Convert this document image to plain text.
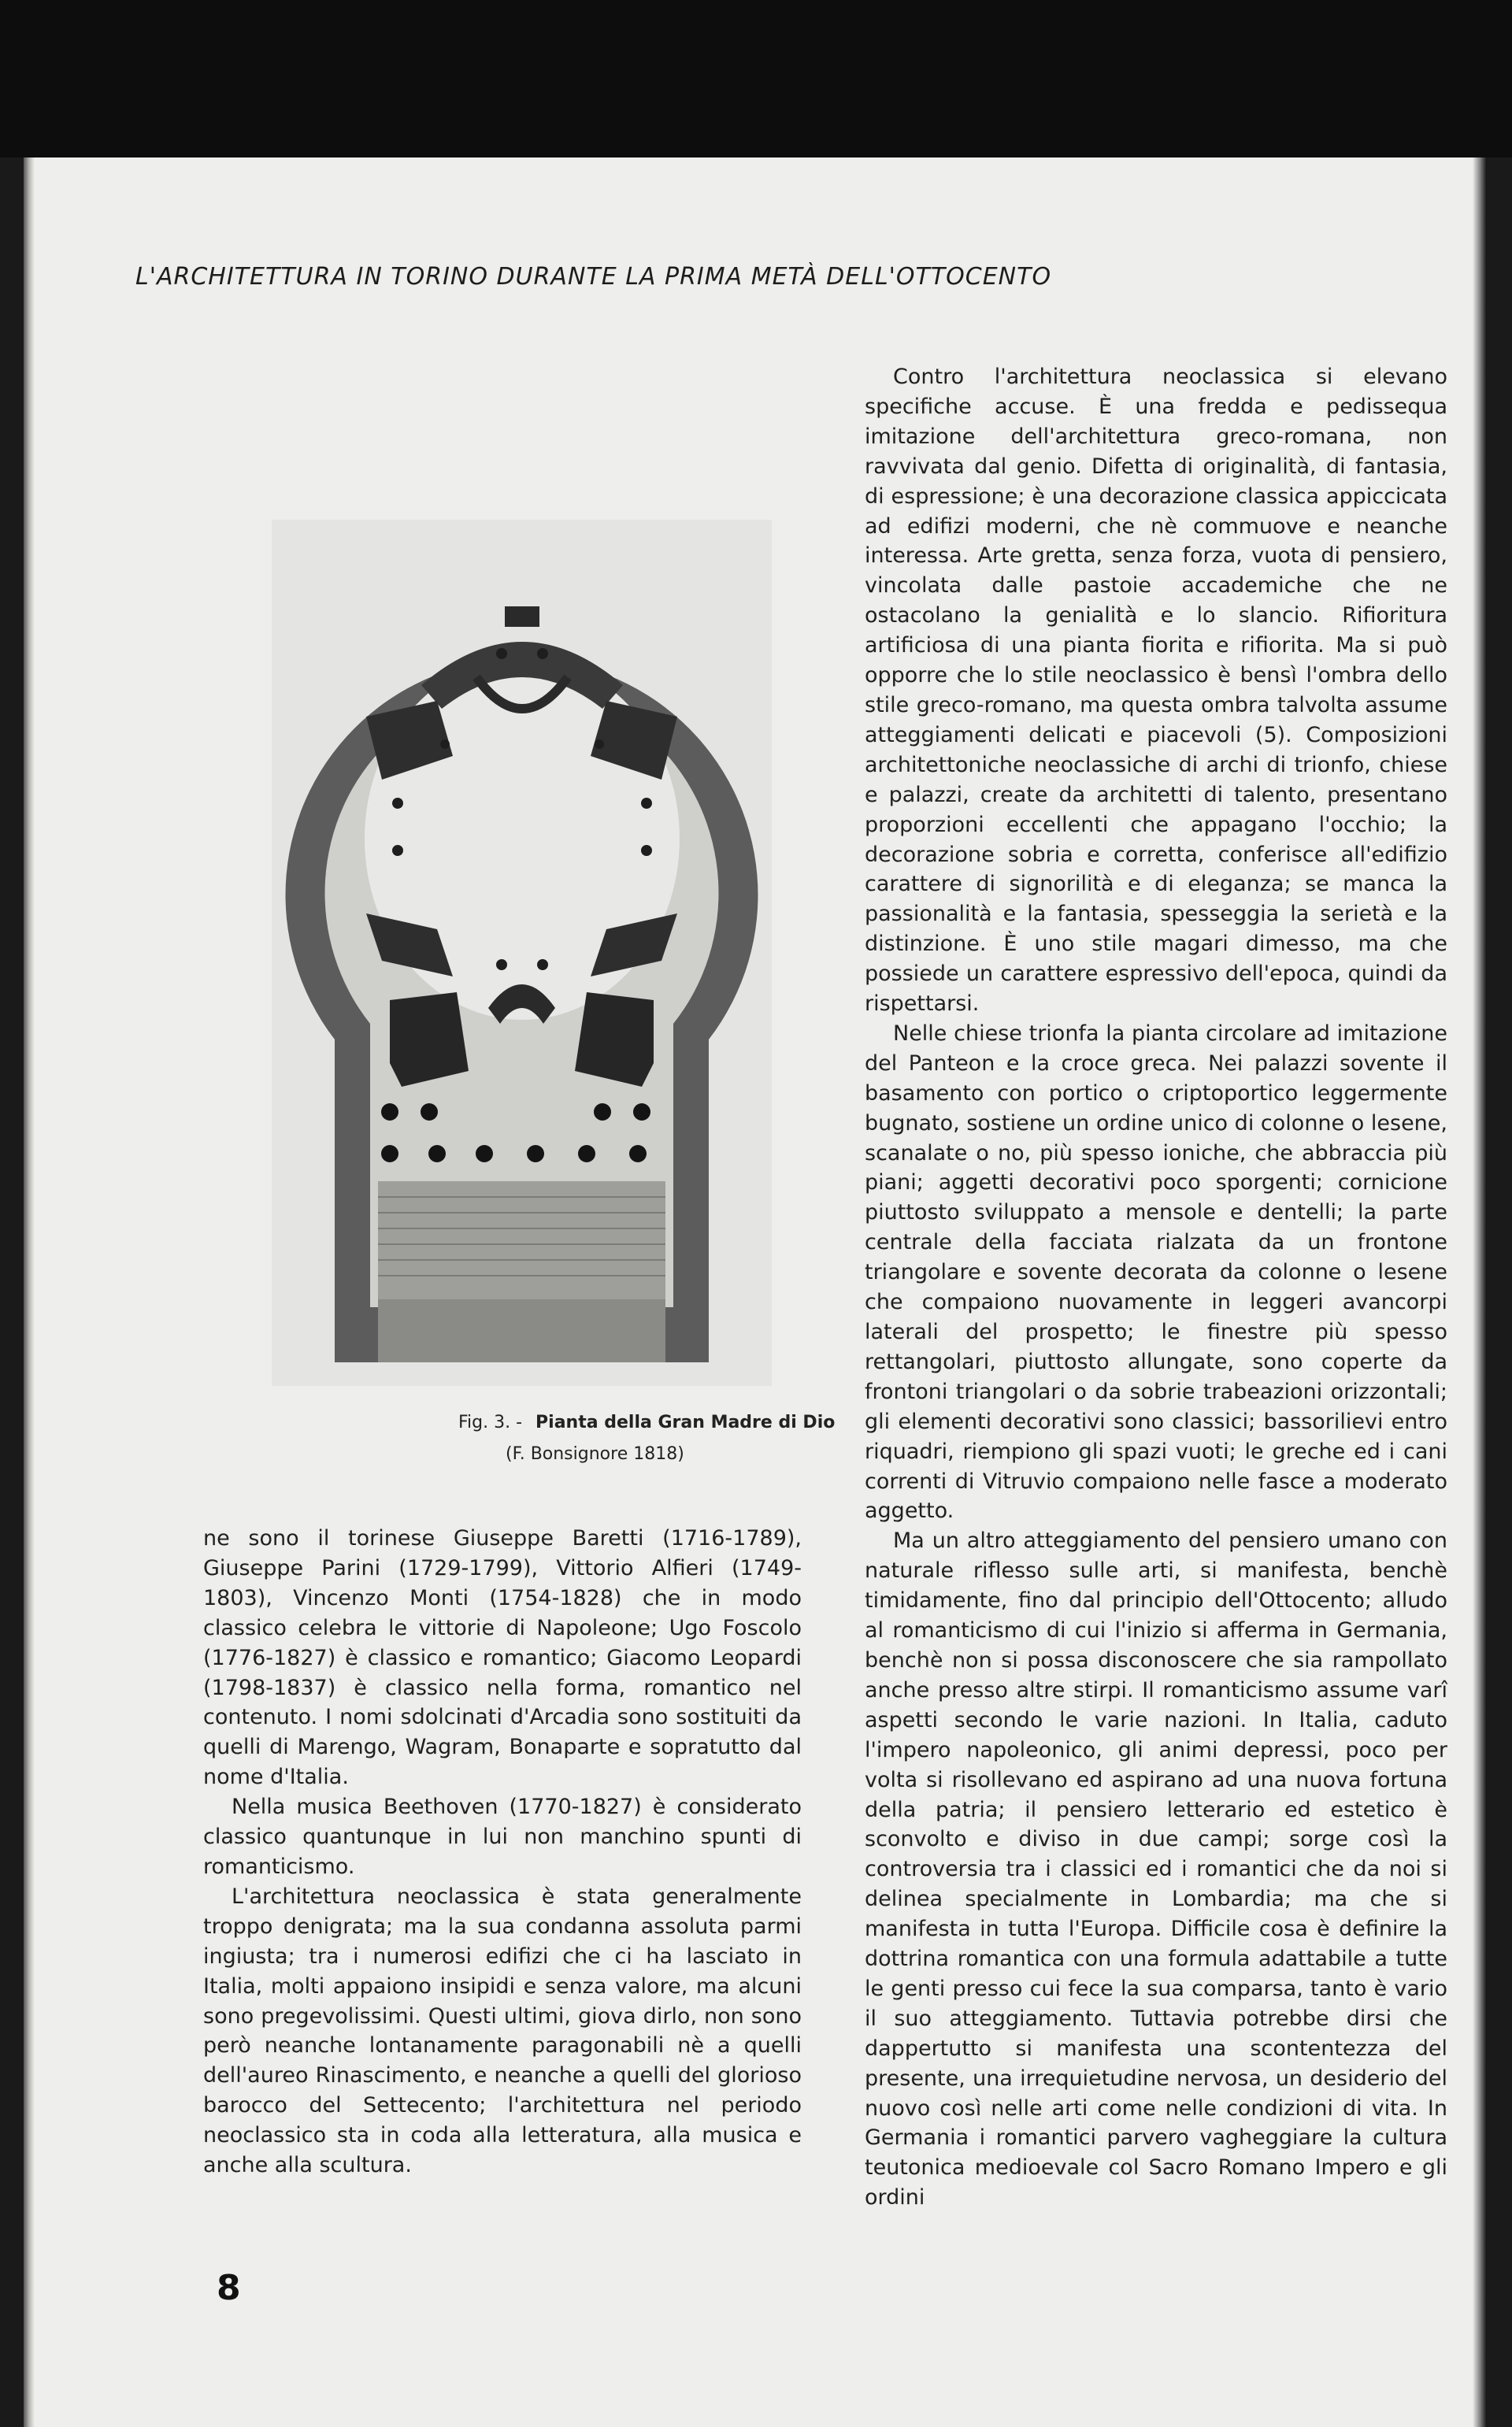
L'ARCHITETTURA IN TORINO DURANTE LA PRIMA METÀ DELL'OTTOCENTO
Fig. 3. - Pianta della Gran Madre di Dio
(F. Bonsignore 1818)

ne sono il torinese Giuseppe Baretti (1716-1789), Giuseppe Parini (1729-1799), Vittorio Alfieri (1749-1803), Vincenzo Monti (1754-1828) che in modo classico celebra le vittorie di Napoleone; Ugo Foscolo (1776-1827) è classico e romantico; Giacomo Leopardi (1798-1837) è classico nella forma, romantico nel contenuto. I nomi sdolcinati d'Arcadia sono sostituiti da quelli di Marengo, Wagram, Bonaparte e sopratutto dal nome d'Italia.

Nella musica Beethoven (1770-1827) è considerato classico quantunque in lui non manchino spunti di romanticismo.

L'architettura neoclassica è stata generalmente troppo denigrata; ma la sua condanna assoluta parmi ingiusta; tra i numerosi edifizi che ci ha lasciato in Italia, molti appaiono insipidi e senza valore, ma alcuni sono pregevolissimi. Questi ultimi, giova dirlo, non sono però neanche lontanamente paragonabili nè a quelli dell'aureo Rinascimento, e neanche a quelli del glorioso barocco del Settecento; l'architettura nel periodo neoclassico sta in coda alla letteratura, alla musica e anche alla scultura.

Contro l'architettura neoclassica si elevano specifiche accuse. È una fredda e pedissequa imitazione dell'architettura greco-romana, non ravvivata dal genio. Difetta di originalità, di fantasia, di espressione; è una decorazione classica appiccicata ad edifizi moderni, che nè commuove e neanche interessa. Arte gretta, senza forza, vuota di pensiero, vincolata dalle pastoie accademiche che ne ostacolano la genialità e lo slancio. Rifioritura artificiosa di una pianta fiorita e rifiorita. Ma si può opporre che lo stile neoclassico è bensì l'ombra dello stile greco-romano, ma questa ombra talvolta assume atteggiamenti delicati e piacevoli (5). Composizioni architettoniche neoclassiche di archi di trionfo, chiese e palazzi, create da architetti di talento, presentano proporzioni eccellenti che appagano l'occhio; la decorazione sobria e corretta, conferisce all'edifizio carattere di signorilità e di eleganza; se manca la passionalità e la fantasia, spesseggia la serietà e la distinzione. È uno stile magari dimesso, ma che possiede un carattere espressivo dell'epoca, quindi da rispettarsi.

Nelle chiese trionfa la pianta circolare ad imitazione del Panteon e la croce greca. Nei palazzi sovente il basamento con portico o criptoportico leggermente bugnato, sostiene un ordine unico di colonne o lesene, scanalate o no, più spesso ioniche, che abbraccia più piani; aggetti decorativi poco sporgenti; cornicione piuttosto sviluppato a mensole e dentelli; la parte centrale della facciata rialzata da un frontone triangolare e sovente decorata da colonne o lesene che compaiono nuovamente in leggeri avancorpi laterali del prospetto; le finestre più spesso rettangolari, piuttosto allungate, sono coperte da frontoni triangolari o da sobrie trabeazioni orizzontali; gli elementi decorativi sono classici; bassorilievi entro riquadri, riempiono gli spazi vuoti; le greche ed i cani correnti di Vitruvio compaiono nelle fasce a moderato aggetto.

Ma un altro atteggiamento del pensiero umano con naturale riflesso sulle arti, si manifesta, benchè timidamente, fino dal principio dell'Ottocento; alludo al romanticismo di cui l'inizio si afferma in Germania, benchè non si possa disconoscere che sia rampollato anche presso altre stirpi. Il romanticismo assume varî aspetti secondo le varie nazioni. In Italia, caduto l'impero napoleonico, gli animi depressi, poco per volta si risollevano ed aspirano ad una nuova fortuna della patria; il pensiero letterario ed estetico è sconvolto e diviso in due campi; sorge così la controversia tra i classici ed i romantici che da noi si delinea specialmente in Lombardia; ma che si manifesta in tutta l'Europa. Difficile cosa è definire la dottrina romantica con una formula adattabile a tutte le genti presso cui fece la sua comparsa, tanto è vario il suo atteggiamento. Tuttavia potrebbe dirsi che dappertutto si manifesta una scontentezza del presente, una irrequietudine nervosa, un desiderio del nuovo così nelle arti come nelle condizioni di vita. In Germania i romantici parvero vagheggiare la cultura teutonica medioevale col Sacro Romano Impero e gli ordini

8
